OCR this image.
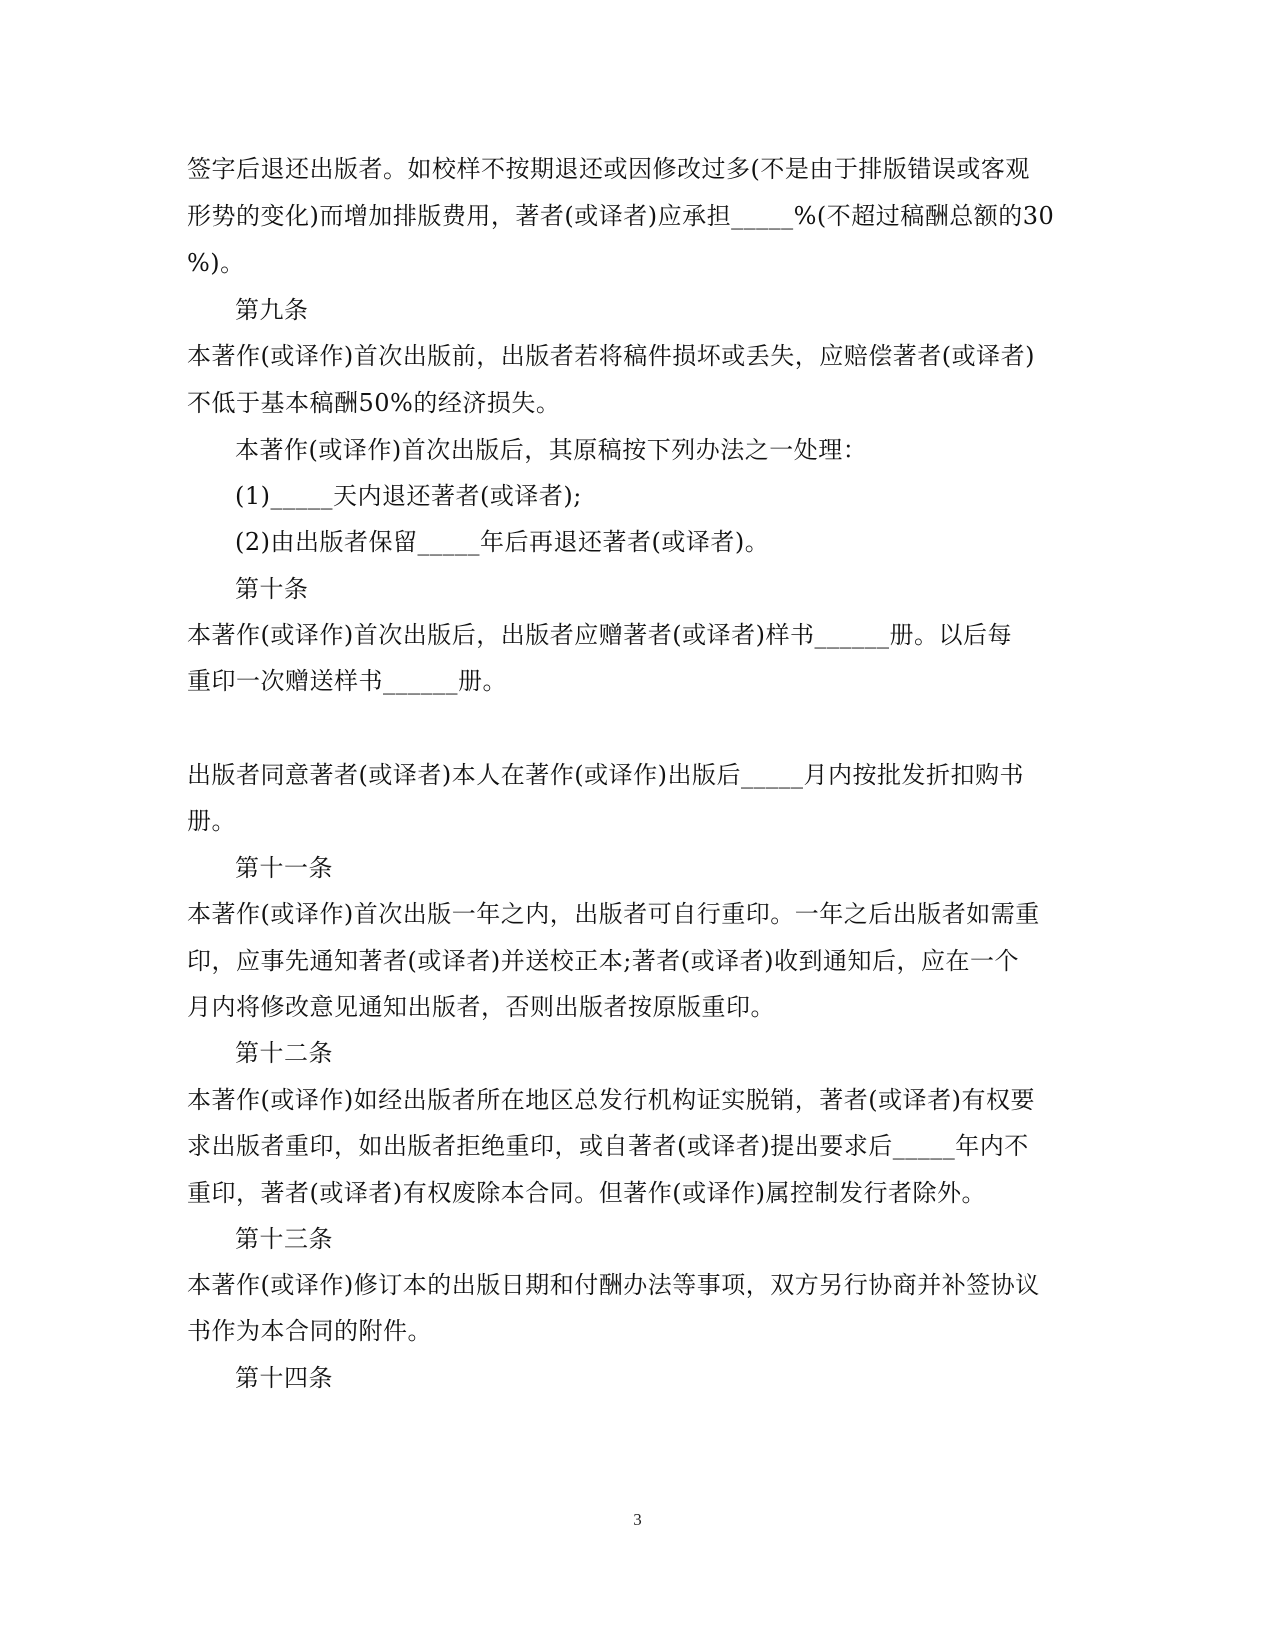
签字后退还出版者。如校样不按期退还或因修改过多(不是由于排版错误或客观
形势的变化)而增加排版费用，著者(或译者)应承担_____%(不超过稿酬总额的30
%)。
第九条
本著作(或译作)首次出版前，出版者若将稿件损坏或丢失，应赔偿著者(或译者)
不低于基本稿酬50%的经济损失。
本著作(或译作)首次出版后，其原稿按下列办法之一处理：
(1)_____天内退还著者(或译者);
(2)由出版者保留_____年后再退还著者(或译者)。
第十条
本著作(或译作)首次出版后，出版者应赠著者(或译者)样书______册。以后每
重印一次赠送样书______册。
出版者同意著者(或译者)本人在著作(或译作)出版后_____月内按批发折扣购书
册。
第十一条
本著作(或译作)首次出版一年之内，出版者可自行重印。一年之后出版者如需重
印，应事先通知著者(或译者)并送校正本;著者(或译者)收到通知后，应在一个
月内将修改意见通知出版者，否则出版者按原版重印。
第十二条
本著作(或译作)如经出版者所在地区总发行机构证实脱销，著者(或译者)有权要
求出版者重印，如出版者拒绝重印，或自著者(或译者)提出要求后_____年内不
重印，著者(或译者)有权废除本合同。但著作(或译作)属控制发行者除外。
第十三条
本著作(或译作)修订本的出版日期和付酬办法等事项，双方另行协商并补签协议
书作为本合同的附件。
第十四条
3
